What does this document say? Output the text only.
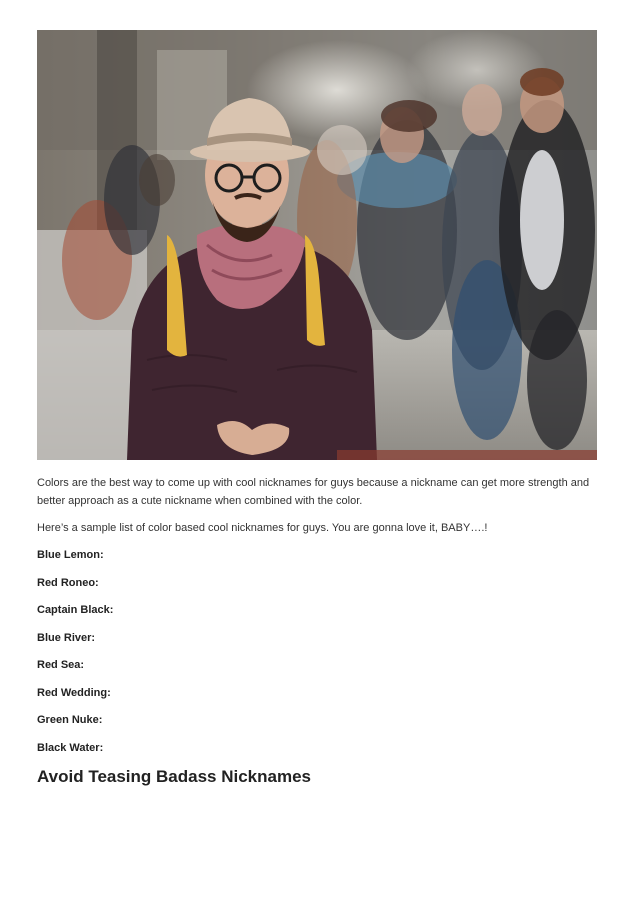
Colors are the best way to come up with cool nicknames for guys because a nickname can get more strength and better approach as a cute nickname when combined with the color.

Here’s a sample list of color based cool nicknames for guys. You are gonna love it, BABY….!

Blue Lemon:

Red Roneo:

Captain Black:

Blue River:

Red Sea:

Red Wedding:

Green Nuke:

Black Water:

Avoid Teasing Badass Nicknames
